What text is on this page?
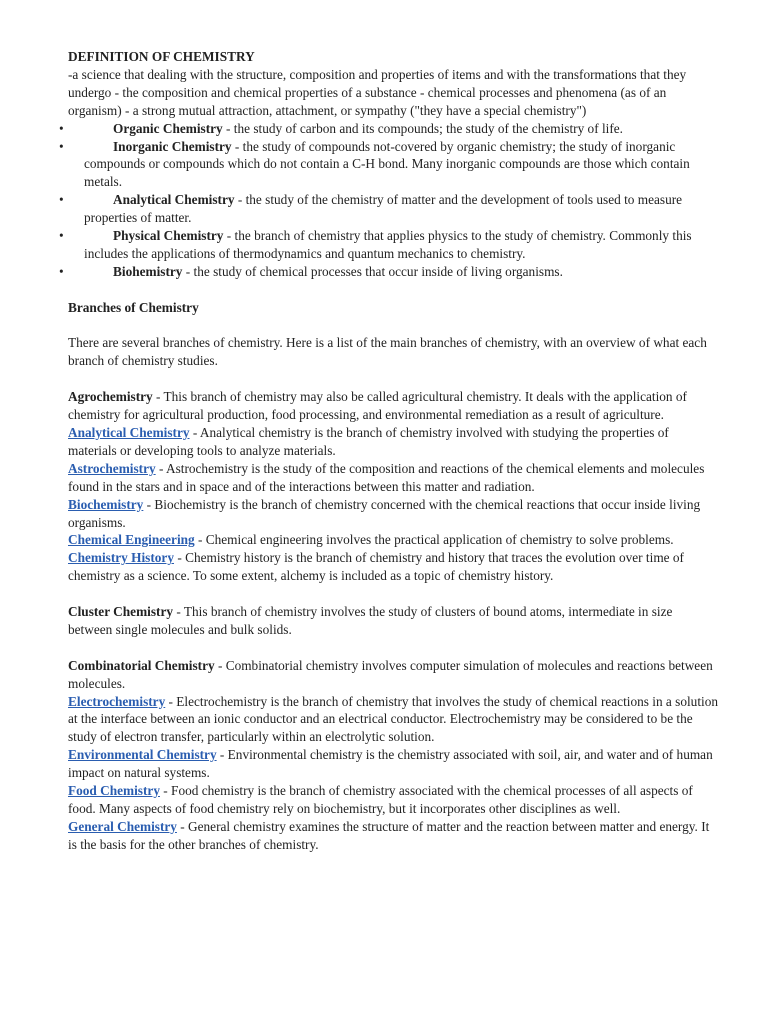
DEFINITION OF CHEMISTRY

-a science that dealing with the structure, composition and properties of items and with the transformations that they undergo - the composition and chemical properties of a substance - chemical processes and phenomena (as of an organism) - a strong mutual attraction, attachment, or sympathy ("they have a special chemistry")

•	Organic Chemistry - the study of carbon and its compounds; the study of the chemistry of life.
•	Inorganic Chemistry - the study of compounds not-covered by organic chemistry; the study of inorganic compounds or compounds which do not contain a C-H bond. Many inorganic compounds are those which contain metals.
•	Analytical Chemistry - the study of the chemistry of matter and the development of tools used to measure properties of matter.
•	Physical Chemistry - the branch of chemistry that applies physics to the study of chemistry. Commonly this includes the applications of thermodynamics and quantum mechanics to chemistry.
•	Biohemistry - the study of chemical processes that occur inside of living organisms.

Branches of Chemistry

There are several branches of chemistry. Here is a list of the main branches of chemistry, with an overview of what each branch of chemistry studies.

Agrochemistry - This branch of chemistry may also be called agricultural chemistry. It deals with the application of chemistry for agricultural production, food processing, and environmental remediation as a result of agriculture.

Analytical Chemistry - Analytical chemistry is the branch of chemistry involved with studying the properties of materials or developing tools to analyze materials.

Astrochemistry - Astrochemistry is the study of the composition and reactions of the chemical elements and molecules found in the stars and in space and of the interactions between this matter and radiation.

Biochemistry - Biochemistry is the branch of chemistry concerned with the chemical reactions that occur inside living organisms.

Chemical Engineering - Chemical engineering involves the practical application of chemistry to solve problems.

Chemistry History - Chemistry history is the branch of chemistry and history that traces the evolution over time of chemistry as a science. To some extent, alchemy is included as a topic of chemistry history.

Cluster Chemistry - This branch of chemistry involves the study of clusters of bound atoms, intermediate in size between single molecules and bulk solids.

Combinatorial Chemistry - Combinatorial chemistry involves computer simulation of molecules and reactions between molecules.

Electrochemistry - Electrochemistry is the branch of chemistry that involves the study of chemical reactions in a solution at the interface between an ionic conductor and an electrical conductor. Electrochemistry may be considered to be the study of electron transfer, particularly within an electrolytic solution.

Environmental Chemistry - Environmental chemistry is the chemistry associated with soil, air, and water and of human impact on natural systems.

Food Chemistry - Food chemistry is the branch of chemistry associated with the chemical processes of all aspects of food. Many aspects of food chemistry rely on biochemistry, but it incorporates other disciplines as well.

General Chemistry - General chemistry examines the structure of matter and the reaction between matter and energy. It is the basis for the other branches of chemistry.
